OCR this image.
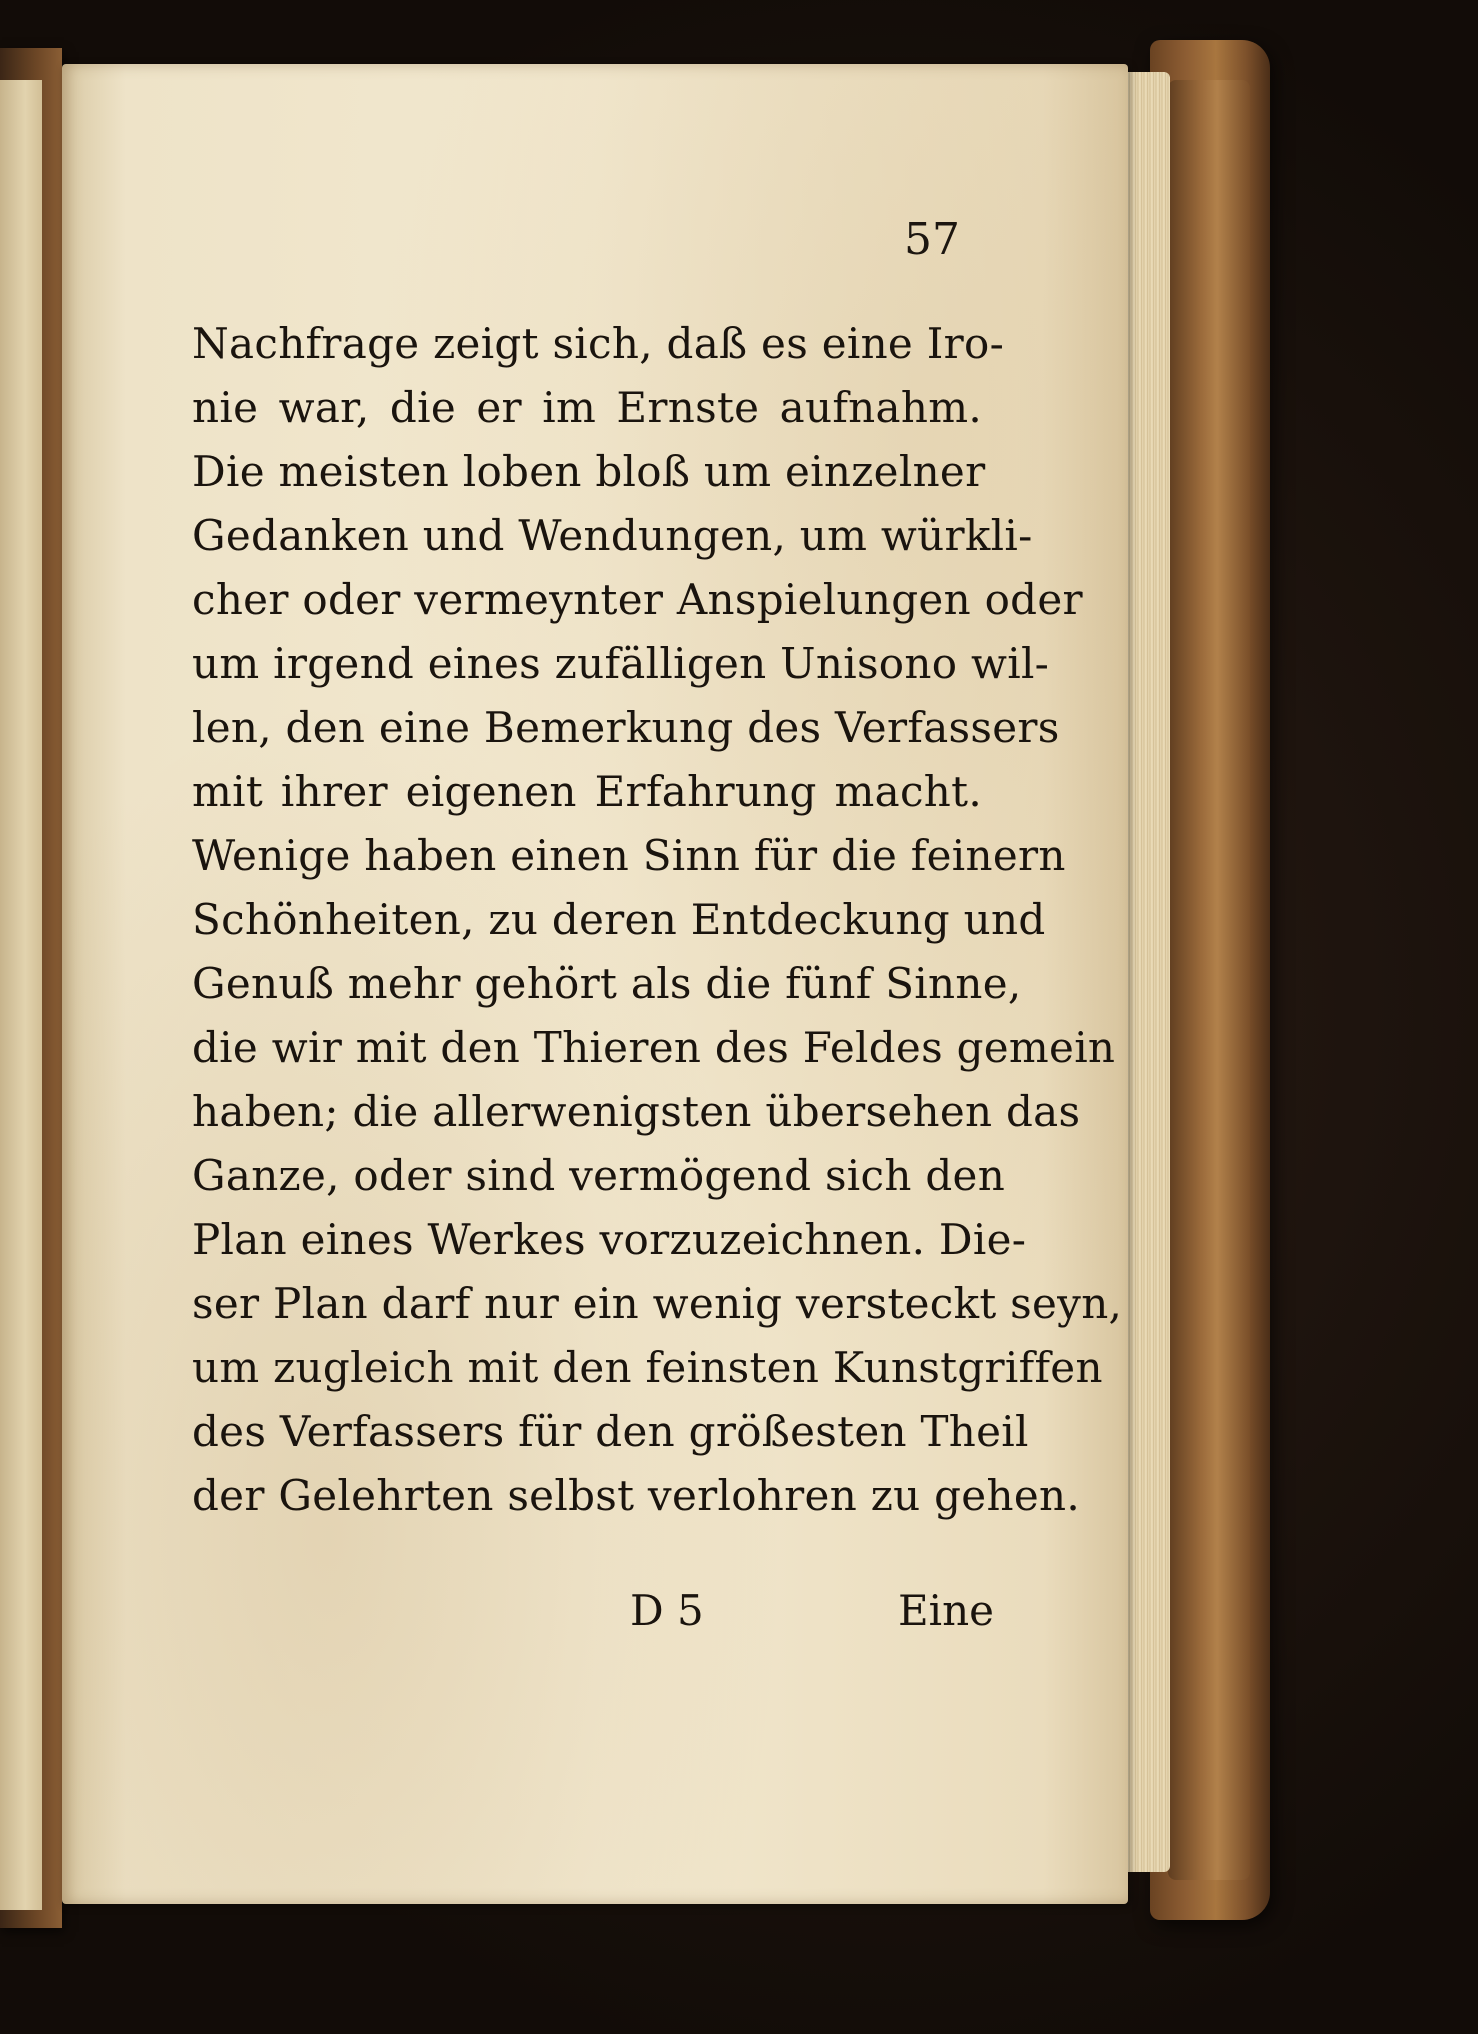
57
Nachfrage zeigt sich, daß es eine Iro-
nie war, die er im Ernste aufnahm.
Die meisten loben bloß um einzelner
Gedanken und Wendungen, um würkli-
cher oder vermeynter Anspielungen oder
um irgend eines zufälligen Unisono wil-
len, den eine Bemerkung des Verfassers
mit ihrer eigenen Erfahrung macht.
Wenige haben einen Sinn für die feinern
Schönheiten, zu deren Entdeckung und
Genuß mehr gehört als die fünf Sinne,
die wir mit den Thieren des Feldes gemein
haben; die allerwenigsten übersehen das
Ganze, oder sind vermögend sich den
Plan eines Werkes vorzuzeichnen. Die-
ser Plan darf nur ein wenig versteckt seyn,
um zugleich mit den feinsten Kunstgriffen
des Verfassers für den größesten Theil
der Gelehrten selbst verlohren zu gehen.
D 5	Eine
